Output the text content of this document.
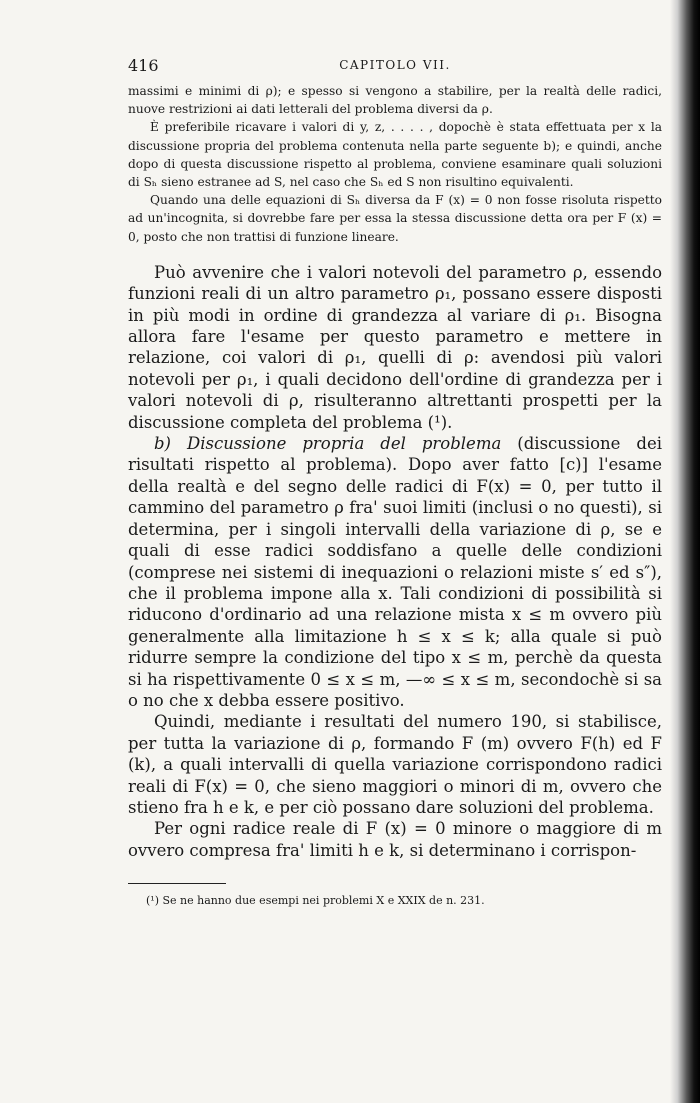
416	CAPITOLO VII.

massimi e minimi di ρ); e spesso si vengono a stabilire, per la realtà delle radici, nuove restrizioni ai dati letterali del problema diversi da ρ.

È preferibile ricavare i valori di y, z, . . . . , dopochè è stata effettuata per x la discussione propria del problema contenuta nella parte seguente b); e quindi, anche dopo di questa discussione rispetto al problema, conviene esaminare quali soluzioni di Sₕ sieno estranee ad S, nel caso che Sₕ ed S non risultino equivalenti.

Quando una delle equazioni di Sₕ diversa da F (x) = 0 non fosse risoluta rispetto ad un'incognita, si dovrebbe fare per essa la stessa discussione detta ora per F (x) = 0, posto che non trattisi di funzione lineare.

Può avvenire che i valori notevoli del parametro ρ, essendo funzioni reali di un altro parametro ρ₁, possano essere disposti in più modi in ordine di grandezza al variare di ρ₁. Bisogna allora fare l'esame per questo parametro e mettere in relazione, coi valori di ρ₁, quelli di ρ: avendosi più valori notevoli per ρ₁, i quali decidono dell'ordine di grandezza per i valori notevoli di ρ, risulteranno altrettanti prospetti per la discussione completa del problema (¹).

b) Discussione propria del problema (discussione dei risultati rispetto al problema). Dopo aver fatto [c)] l'esame della realtà e del segno delle radici di F(x) = 0, per tutto il cammino del parametro ρ fra' suoi limiti (inclusi o no questi), si determina, per i singoli intervalli della variazione di ρ, se e quali di esse radici soddisfano a quelle delle condizioni (comprese nei sistemi di inequazioni o relazioni miste s′ ed s″), che il problema impone alla x. Tali condizioni di possibilità si riducono d'ordinario ad una relazione mista x ≤ m ovvero più generalmente alla limitazione h ≤ x ≤ k; alla quale si può ridurre sempre la condizione del tipo x ≤ m, perchè da questa si ha rispettivamente 0 ≤ x ≤ m, —∞ ≤ x ≤ m, secondochè si sa o no che x debba essere positivo.

Quindi, mediante i resultati del numero 190, si stabilisce, per tutta la variazione di ρ, formando F (m) ovvero F(h) ed F (k), a quali intervalli di quella variazione corrispondono radici reali di F(x) = 0, che sieno maggiori o minori di m, ovvero che stieno fra h e k, e per ciò possano dare soluzioni del problema.

Per ogni radice reale di F (x) = 0 minore o maggiore di m ovvero compresa fra' limiti h e k, si determinano i corrispon-

(¹) Se ne hanno due esempi nei problemi X e XXIX de n. 231.
